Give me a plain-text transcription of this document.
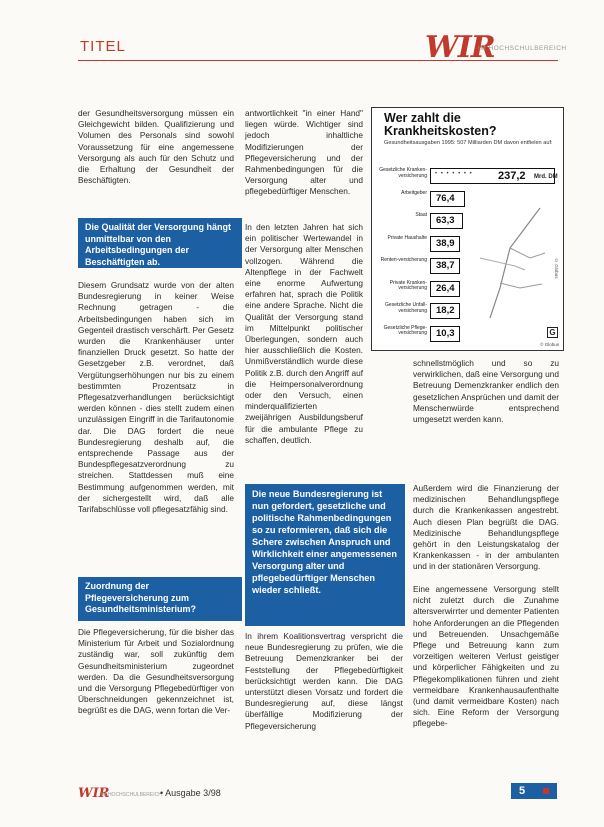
TITEL	WIR
IM HOCHSCHULBEREICH

der Gesundheitsversorgung müssen ein Gleichgewicht bilden. Qualifizierung und Volumen des Personals sind sowohl Voraussetzung für eine angemessene Versorgung als auch für den Schutz und die Erhaltung der Gesundheit der Beschäftigten.

Die Qualität der Versorgung hängt unmittelbar von den Arbeitsbedingungen der Beschäftigten ab.

Diesem Grundsatz wurde von der alten Bundesregierung in keiner Weise Rechnung getragen - die Arbeitsbedingungen haben sich im Gegenteil drastisch verschärft. Per Gesetz wurden die Krankenhäuser unter finanziellen Druck gesetzt. So hatte der Gesetzgeber z.B. verordnet, daß Vergütungserhöhungen nur bis zu einem bestimmten Prozentsatz in Pflegesatzverhandlungen berücksichtigt werden können - dies stellt zudem einen unzulässigen Eingriff in die Tarifautonomie dar. Die DAG fordert die neue Bundesregierung deshalb auf, die entsprechende Passage aus der Bundespflegesatzverordnung zu streichen. Stattdessen muß eine Bestimmung aufgenommen werden, mit der sichergestellt wird, daß alle Tarifabschlüsse voll pflegesatzfähig sind.

Zuordnung der Pflegeversicherung zum Gesundheitsministerium?

Die Pflegeversicherung, für die bisher das Ministerium für Arbeit und Sozialordnung zuständig war, soll zukünftig dem Gesundheitsministerium zugeordnet werden. Da die Gesundheitsversorgung und die Versorgung Pflegebedürftiger von Überschneidungen gekennzeichnet ist, begrüßt es die DAG, wenn fortan die Ver-

antwortlichkeit "in einer Hand" liegen würde. Wichtiger sind jedoch inhaltliche Modifizierungen der Pflegeversicherung und der Rahmenbedingungen für die Versorgung alter und pflegebedürftiger Menschen.

In den letzten Jahren hat sich ein politischer Wertewandel in der Versorgung alter Menschen vollzogen. Während die Altenpflege in der Fachwelt eine enorme Aufwertung erfahren hat, sprach die Politik eine andere Sprache. Nicht die Qualität der Versorgung stand im Mittelpunkt politischer Überlegungen, sondern auch hier ausschließlich die Kosten. Unmißverständlich wurde diese Politik z.B. durch den Angriff auf die Heimpersonalverordnung oder den Versuch, einen minderqualifizierten zweijährigen Ausbildungsberuf für die ambulante Pflege zu schaffen, deutlich.

Die neue Bundesregierung ist nun gefordert, gesetzliche und politische Rahmenbedingungen so zu reformieren, daß sich die Schere zwischen Anspruch und Wirklichkeit einer angemessenen Versorgung alter und pflegebedürftiger Menschen wieder schließt.

In ihrem Koalitionsvertrag verspricht die neue Bundesregierung zu prüfen, wie die Betreuung Demenzkranker bei der Feststellung der Pflegebedürftigkeit berücksichtigt werden kann. Die DAG unterstützt diesen Vorsatz und fordert die Bundesregierung auf, diese längst überfällige Modifizierung der Pflegeversicherung

Wer zahlt die Krankheitskosten?
Gesundheitsausgaben 1995: 507 Milliarden DM davon entfielen auf:
Gesetzliche Kranken-versicherung • • • • • • • 237,2 Mrd. DM
Arbeitgeber 76,4
Staat 63,3
Private Haushalte 38,9
Renten-versicherung 38,7
Private Kranken-versicherung 26,4
Gesetzliche Unfall-versicherung 18,2
Gesetzliche Pflege-versicherung 10,3
© Globus
G
© Globus

schnellstmöglich und so zu verwirklichen, daß eine Versorgung und Betreuung Demenzkranker endlich den gesetzlichen Ansprüchen und damit der Menschenwürde entsprechend umgesetzt werden kann.

Außerdem wird die Finanzierung der medizinischen Behandlungspflege durch die Krankenkassen angestrebt. Auch diesen Plan begrüßt die DAG. Medizinische Behandlungspflege gehört in den Leistungskatalog der Krankenkassen - in der ambulanten und in der stationären Versorgung.

Eine angemessene Versorgung stellt nicht zuletzt durch die Zunahme altersverwirrter und dementer Patienten hohe Anforderungen an die Pflegenden und Betreuenden. Unsachgemäße Pflege und Betreuung kann zum vorzeitigen weiteren Verlust geistiger und körperlicher Fähigkeiten und zu Pflegekomplikationen führen und zieht vermeidbare Krankenhausaufenthalte (und damit vermeidbare Kosten) nach sich. Eine Reform der Versorgung pflegebe-

WIR
IM HOCHSCHULBEREICH
• Ausgabe 3/98	5
